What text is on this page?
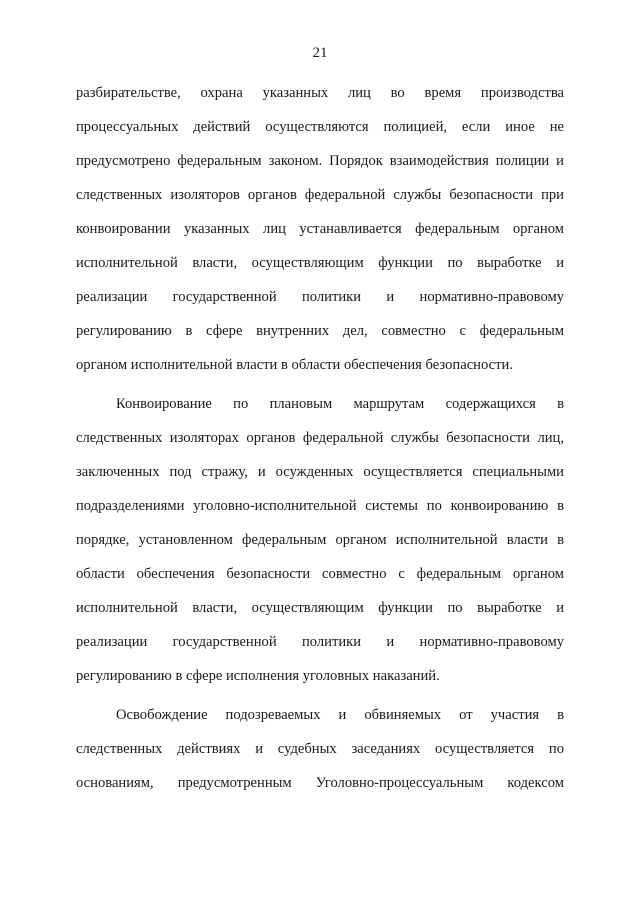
21
разбирательстве, охрана указанных лиц во время производства
процессуальных действий осуществляются полицией, если иное не
предусмотрено федеральным законом. Порядок взаимодействия полиции и
следственных изоляторов органов федеральной службы безопасности при
конвоировании указанных лиц устанавливается федеральным органом
исполнительной власти, осуществляющим функции по выработке и
реализации государственной политики и нормативно-правовому
регулированию в сфере внутренних дел, совместно с федеральным
органом исполнительной власти в области обеспечения безопасности.
Конвоирование по плановым маршрутам содержащихся в
следственных изоляторах органов федеральной службы безопасности лиц,
заключенных под стражу, и осужденных осуществляется специальными
подразделениями уголовно-исполнительной системы по конвоированию в
порядке, установленном федеральным органом исполнительной власти в
области обеспечения безопасности совместно с федеральным органом
исполнительной власти, осуществляющим функции по выработке и
реализации государственной политики и нормативно-правовому
регулированию в сфере исполнения уголовных наказаний.
Освобождение подозреваемых и обвиняемых от участия в
следственных действиях и судебных заседаниях осуществляется по
основаниям, предусмотренным Уголовно-процессуальным кодексом
